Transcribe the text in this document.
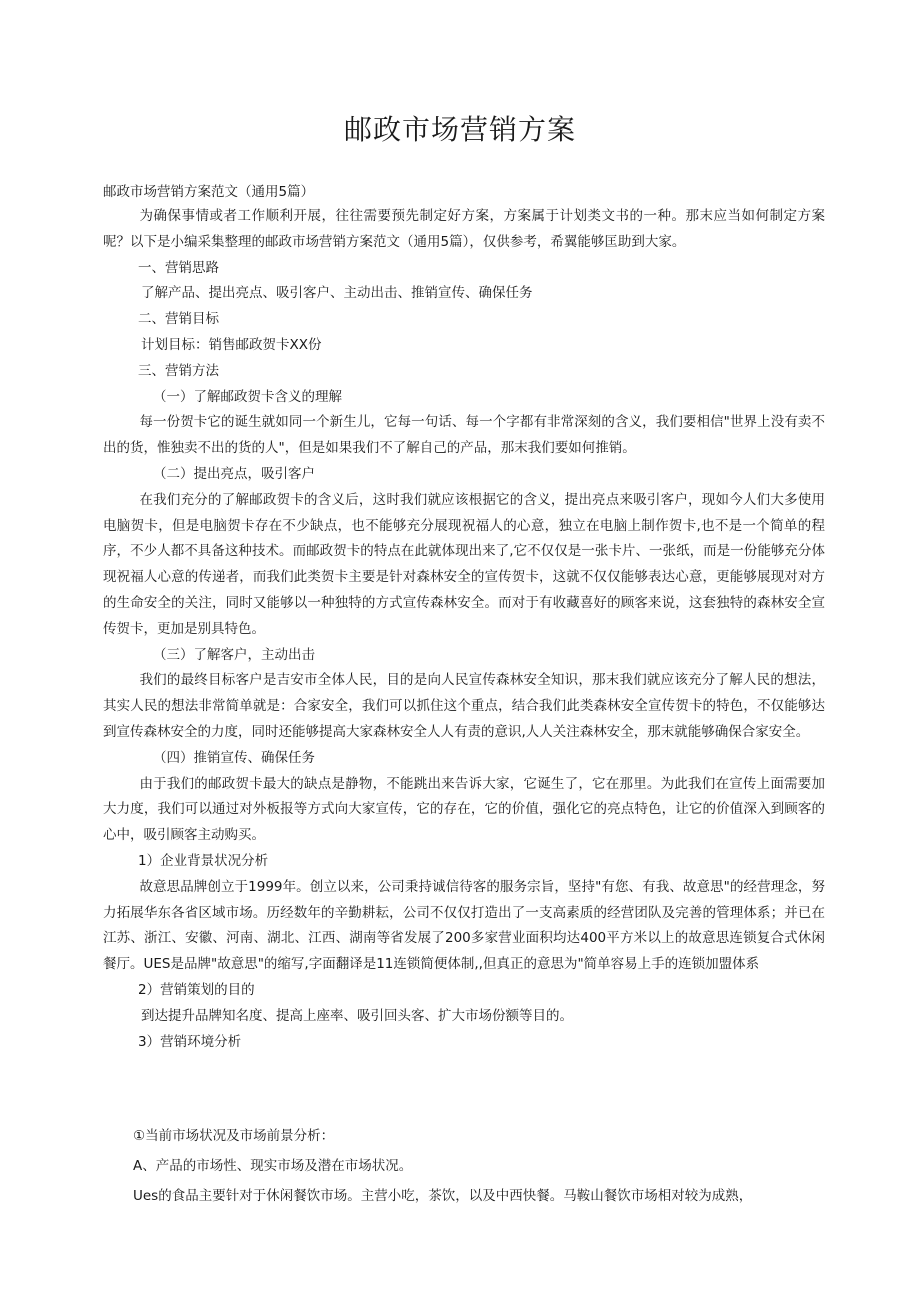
邮政市场营销方案

邮政市场营销方案范文（通用5篇）

为确保事情或者工作顺利开展，往往需要预先制定好方案，方案属于计划类文书的一种。那末应当如何制定方案呢？以下是小编采集整理的邮政市场营销方案范文（通用5篇），仅供参考，希翼能够匡助到大家。

一、营销思路

了解产品、提出亮点、吸引客户、主动出击、推销宣传、确保任务

二、营销目标

计划目标：销售邮政贺卡XX份

三、营销方法

（一）了解邮政贺卡含义的理解

每一份贺卡它的诞生就如同一个新生儿，它每一句话、每一个字都有非常深刻的含义，我们要相信"世界上没有卖不出的货，惟独卖不出的货的人"，但是如果我们不了解自己的产品，那末我们要如何推销。

（二）提出亮点，吸引客户

在我们充分的了解邮政贺卡的含义后，这时我们就应该根据它的含义，提出亮点来吸引客户，现如今人们大多使用电脑贺卡，但是电脑贺卡存在不少缺点，也不能够充分展现祝福人的心意，独立在电脑上制作贺卡,也不是一个简单的程序，不少人都不具备这种技术。而邮政贺卡的特点在此就体现出来了,它不仅仅是一张卡片、一张纸，而是一份能够充分体现祝福人心意的传递者，而我们此类贺卡主要是针对森林安全的宣传贺卡，这就不仅仅能够表达心意，更能够展现对对方的生命安全的关注，同时又能够以一种独特的方式宣传森林安全。而对于有收藏喜好的顾客来说，这套独特的森林安全宣传贺卡，更加是别具特色。

（三）了解客户，主动出击

我们的最终目标客户是吉安市全体人民，目的是向人民宣传森林安全知识，那末我们就应该充分了解人民的想法，其实人民的想法非常简单就是：合家安全，我们可以抓住这个重点，结合我们此类森林安全宣传贺卡的特色，不仅能够达到宣传森林安全的力度，同时还能够提高大家森林安全人人有责的意识,人人关注森林安全，那末就能够确保合家安全。

（四）推销宣传、确保任务

由于我们的邮政贺卡最大的缺点是静物，不能跳出来告诉大家，它诞生了，它在那里。为此我们在宣传上面需要加大力度，我们可以通过对外板报等方式向大家宣传，它的存在，它的价值，强化它的亮点特色，让它的价值深入到顾客的心中，吸引顾客主动购买。

1）企业背景状况分析

故意思品牌创立于1999年。创立以来，公司秉持诚信待客的服务宗旨，坚持"有您、有我、故意思"的经营理念，努力拓展华东各省区域市场。历经数年的辛勤耕耘，公司不仅仅打造出了一支高素质的经营团队及完善的管理体系；并已在江苏、浙江、安徽、河南、湖北、江西、湖南等省发展了200多家营业面积均达400平方米以上的故意思连锁复合式休闲餐厅。UES是品牌"故意思"的缩写,字面翻译是11连锁简便体制,,但真正的意思为"简单容易上手的连锁加盟体系

2）营销策划的目的

到达提升品牌知名度、提高上座率、吸引回头客、扩大市场份额等目的。

3）营销环境分析

①当前市场状况及市场前景分析：

A、产品的市场性、现实市场及潜在市场状况。

Ues的食品主要针对于休闲餐饮市场。主营小吃，茶饮，以及中西快餐。马鞍山餐饮市场相对较为成熟，
